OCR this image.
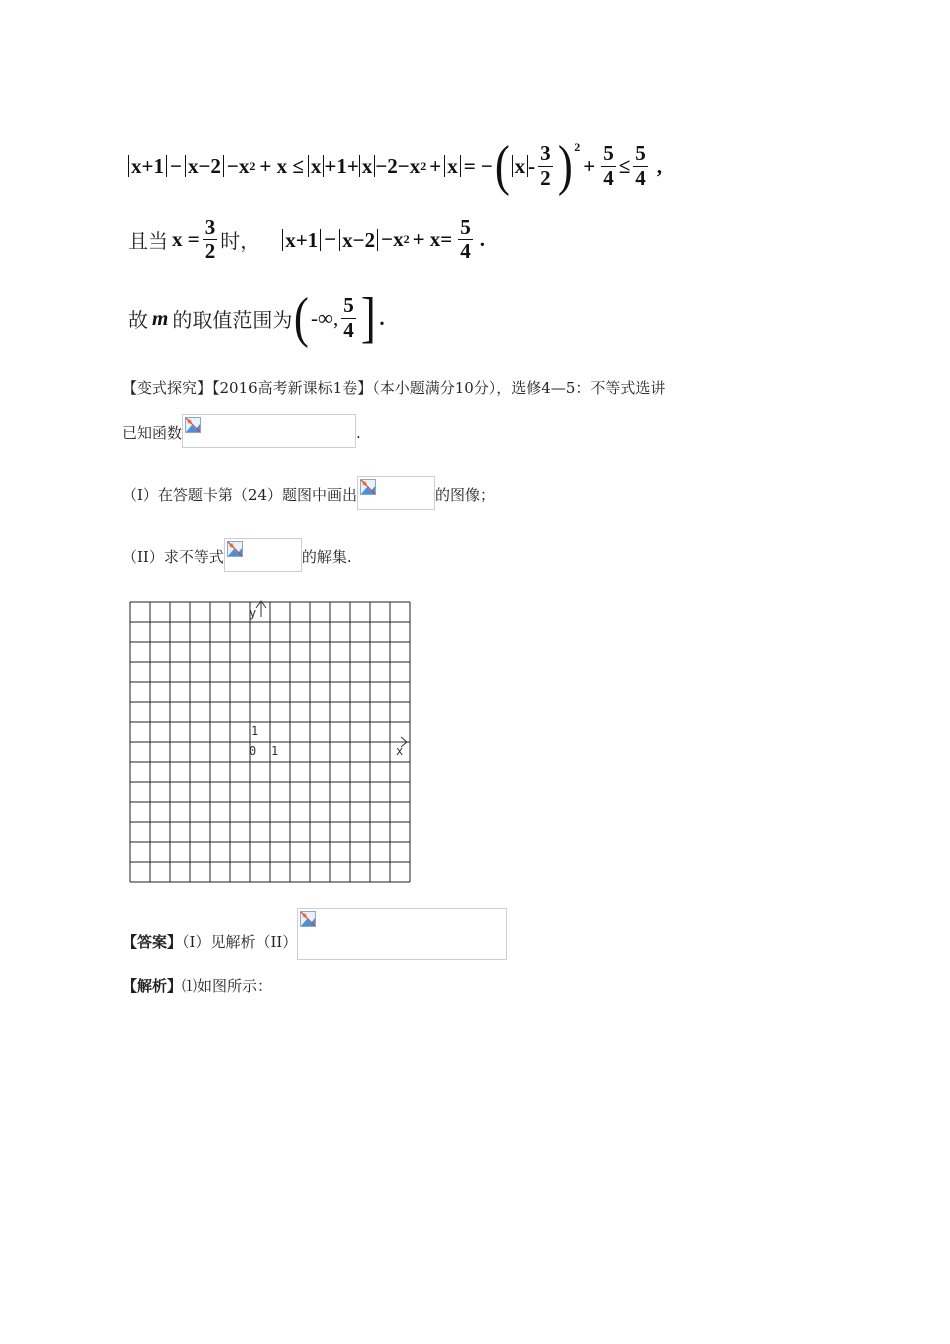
x+1 − x−2 −x 2 + x ≤ x +1+ x −2−x 2 + x = − ( x - $\frac{3}{2} )^2$
+ $\frac{5}{4} \le \frac{5}{4}$ ,
且当 $x = \frac{3}{2}$ 时， x+1 − x−2 −x $2 + x= \frac{5}{4}$ .
故 m 的取值范围为 ( -∞, $\frac{5}{4}$ ] .
【变式探究】【2016高考新课标1卷】（本小题满分10分），选修4—5：不等式选讲
已知函数	.
（I）在答题卡第（24）题图中画出	的图像；
（II）求不等式	的解集.
y
x
1
0 1
【答案】（I）见解析（II）
【解析】⑴如图所示：
